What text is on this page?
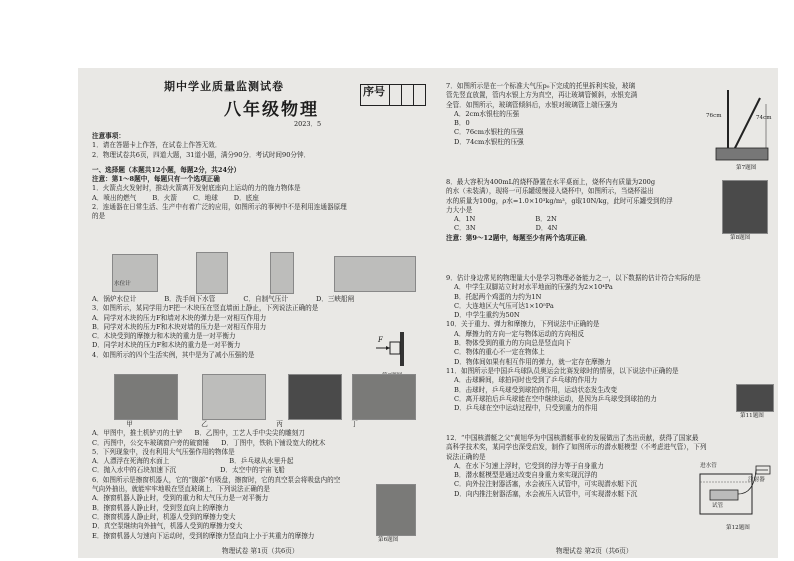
期中学业质量监测试卷	序号
八年级物理
2023．5
注意事项：
1．请在答题卡上作答，在试卷上作答无效．
2．物理试卷共6页，四道大题，31道小题，满分90分．考试时间90分钟．
一、选择题（本题共12小题，每题2分，共24分）
注意：第1～8题中，每题只有一个选项正确
1．火箭点火发射时，推动火箭离开发射底座向上运动的力的施力物体是
A．喷出的燃气 B．火箭 C．地球 D．底座
2．连通器在日常生活、生产中有着广泛的应用，如图所示的事例中不是利用连通器原理
的是
水位计
A．锅炉水位计	B．洗手间下水管	C．自制气压计	D．三峡船闸
3．如图所示，某同学用力F把一木块压在竖直墙面上静止，下列说法正确的是
A．同学对木块的压力F和墙对木块的弹力是一对相互作用力
B．同学对木块的压力F和木块对墙的压力是一对相互作用力
C．木块受到的摩擦力和木块的重力是一对平衡力
D．同学对木块的压力F和木块的重力是一对平衡力
4．如图所示的四个生活实例，其中是为了减小压强的是
F
甲	乙	丙	丁
A．甲图中，推土机铲刃的土铲 B．乙图中，工艺人手中尖尖的雕刻刀
C．丙图中，公交车玻璃窗户旁的破窗锤 D．丁图中，铁轨下铺设宽大的枕木
5．下列现象中，没有利用大气压强作用的物体是
A．人漂浮在死海的水面上	B．乒乓球从水里升起
C．抛入水中的石块加速下沉	D．太空中的宇宙飞船
6．如图所示是擦窗机器人，它的“腹部”有吸盘，擦窗时，它的真空泵会将吸盘内的空
气向外抽出，就能牢牢地吸在竖直玻璃上．下列说法正确的是
A．擦窗机器人静止时，受到的重力和大气压力是一对平衡力
B．擦窗机器人静止时，受到竖直向上的摩擦力
C．擦窗机器人静止时，机器人受到的摩擦力变大
D．真空泵继续向外抽气，机器人受到的摩擦力变大
E．擦窗机器人匀速向下运动时，受到的摩擦力竖直向上小于其重力的摩擦力
第6题图
物理试卷 第1页（共6页）
7．如图所示是在一个标准大气压p₀下完成的托里拆利实验，玻璃
管先竖直放置，管内水银上方为真空，再让玻璃管倾斜，水银充满
全管．如图所示，玻璃管倾斜后，水银对玻璃管上端压强为
A．2cm水银柱的压强
B．0
C．76cm水银柱的压强
D．74cm水银柱的压强
76cm	74cm
第7题图
8．最大容积为400mL的烧杯静置在水平桌面上，烧杯内有质量为200g
的水（未装满），现将一可乐罐缓慢浸入烧杯中，如图所示，当烧杯溢出
水的质量为100g，ρ水=1.0×10³kg/m³，g取10N/kg，此时可乐罐受到的浮
力大小是
A．1N	B．2N
C．3N	D．4N
注意：第9～12题中，每题至少有两个选项正确．	第8题图
9．估计身边常见的物理量大小是学习物理必备能力之一，以下数据的估计符合实际的是
A．中学生双脚站立时对水平地面的压强约为2×10⁴Pa
B．托起两个鸡蛋的力约为1N
C．大连地区大气压可达1×10⁵Pa
D．中学生重约为50N
10．关于重力、弹力和摩擦力，下列说法中正确的是
A．摩擦力的方向一定与物体运动的方向相反
B．物体受到的重力的方向总是竖直向下
C．物体的重心不一定在物体上
D．物体间如果有相互作用的弹力，就一定存在摩擦力
11．如图所示是中国乒乓球队员奥运会比赛发球时的情景，以下说法中正确的是
A．击球瞬间，球拍同时也受到了乒乓球的作用力
B．击球时，乒乓球受到球拍的作用，运动状态发生改变
C．离开球拍后乒乓球能在空中继续运动，是因为乒乓球受到球拍的力
D．乒乓球在空中运动过程中，只受到重力的作用
第11题图
12．“中国核潜艇之父”黄旭华为中国核潜艇事业的发展做出了杰出贡献，获得了国家最
高科学技术奖，某同学也深受启发，制作了如图所示的潜水艇模型（不考虑进气管），下列
说法正确的是
A．在水下匀速上浮时，它受到的浮力等于自身重力
B．潜水艇模型是通过改变自身重力来实现沉浮的
C．向外拉注射器活塞，水会被压入试管中，可实现潜水艇下沉
D．向内推注射器活塞，水会被压入试管中，可实现潜水艇下沉
进水管
试管
注射器
第12题图
物理试卷 第2页（共6页）
